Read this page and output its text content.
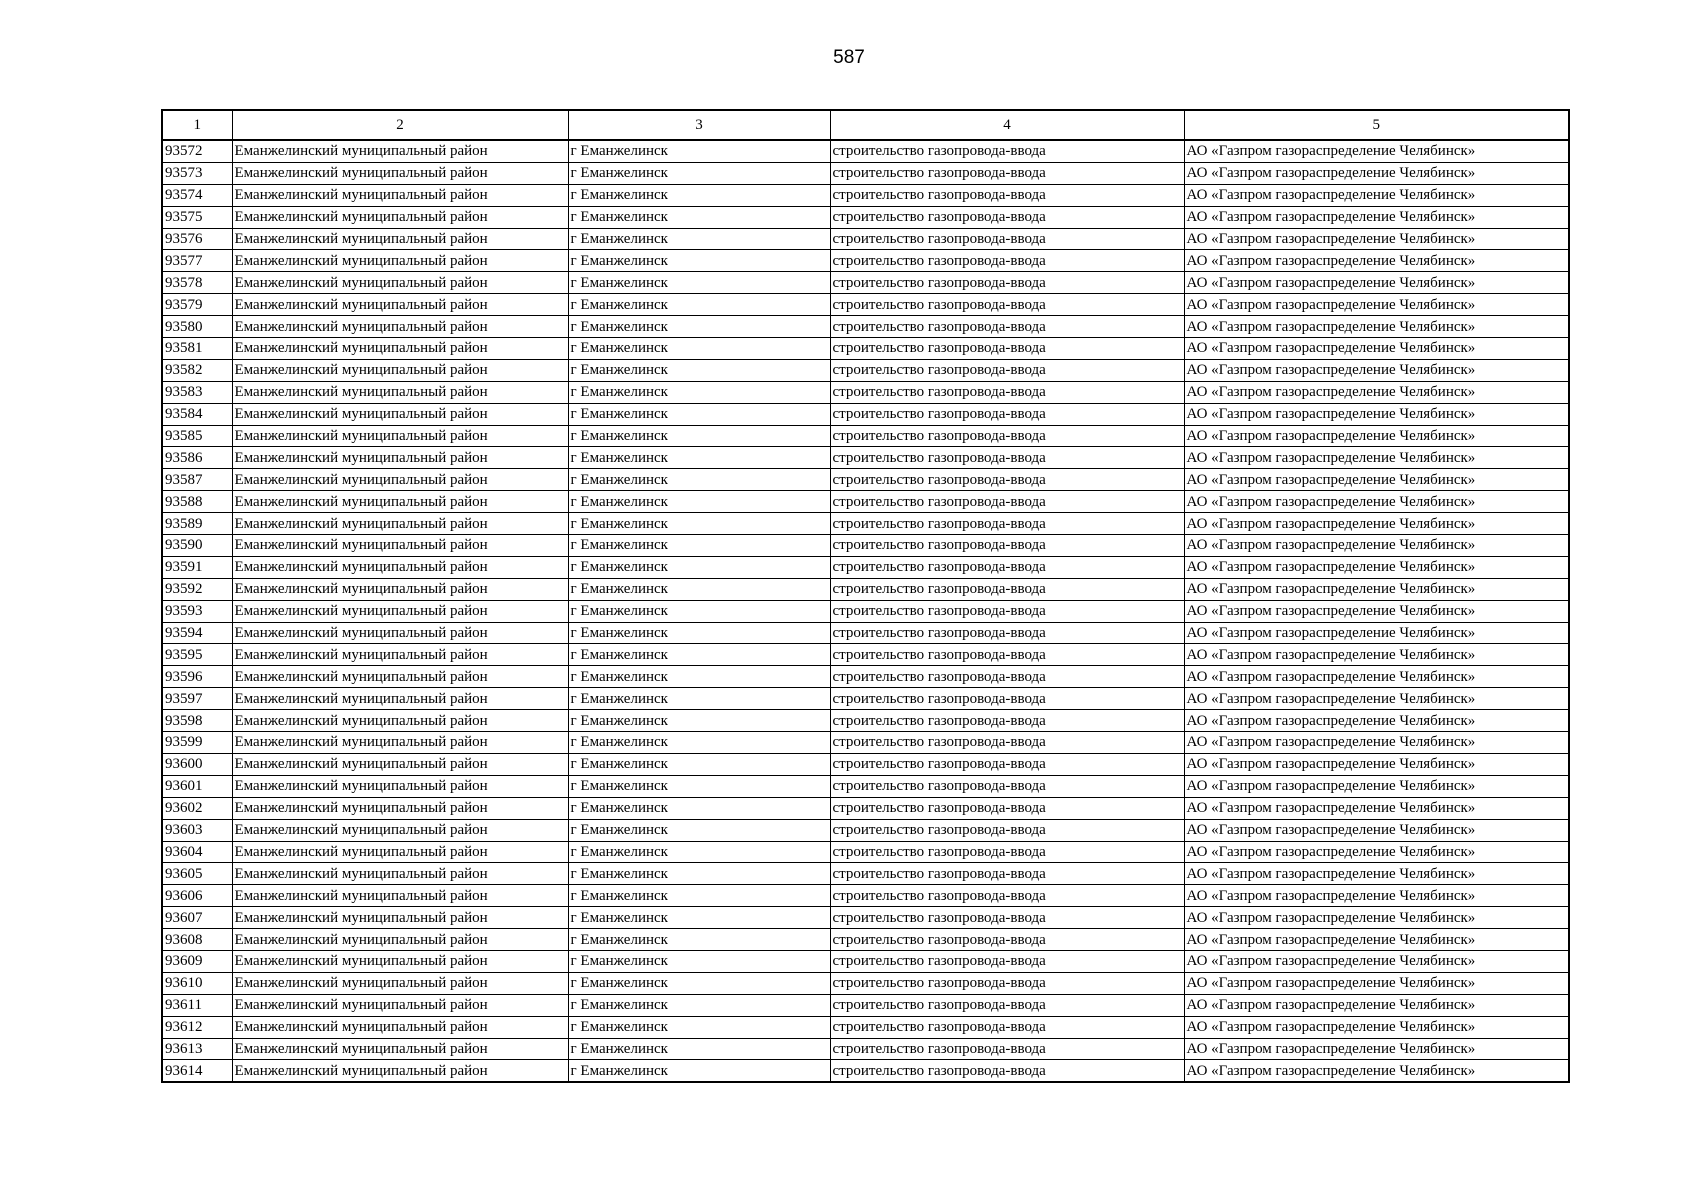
587
1	2	3	4	5
93572	Еманжелинский муниципальный район	г Еманжелинск	строительство газопровода-ввода	АО «Газпром газораспределение Челябинск»
93573	Еманжелинский муниципальный район	г Еманжелинск	строительство газопровода-ввода	АО «Газпром газораспределение Челябинск»
93574	Еманжелинский муниципальный район	г Еманжелинск	строительство газопровода-ввода	АО «Газпром газораспределение Челябинск»
93575	Еманжелинский муниципальный район	г Еманжелинск	строительство газопровода-ввода	АО «Газпром газораспределение Челябинск»
93576	Еманжелинский муниципальный район	г Еманжелинск	строительство газопровода-ввода	АО «Газпром газораспределение Челябинск»
93577	Еманжелинский муниципальный район	г Еманжелинск	строительство газопровода-ввода	АО «Газпром газораспределение Челябинск»
93578	Еманжелинский муниципальный район	г Еманжелинск	строительство газопровода-ввода	АО «Газпром газораспределение Челябинск»
93579	Еманжелинский муниципальный район	г Еманжелинск	строительство газопровода-ввода	АО «Газпром газораспределение Челябинск»
93580	Еманжелинский муниципальный район	г Еманжелинск	строительство газопровода-ввода	АО «Газпром газораспределение Челябинск»
93581	Еманжелинский муниципальный район	г Еманжелинск	строительство газопровода-ввода	АО «Газпром газораспределение Челябинск»
93582	Еманжелинский муниципальный район	г Еманжелинск	строительство газопровода-ввода	АО «Газпром газораспределение Челябинск»
93583	Еманжелинский муниципальный район	г Еманжелинск	строительство газопровода-ввода	АО «Газпром газораспределение Челябинск»
93584	Еманжелинский муниципальный район	г Еманжелинск	строительство газопровода-ввода	АО «Газпром газораспределение Челябинск»
93585	Еманжелинский муниципальный район	г Еманжелинск	строительство газопровода-ввода	АО «Газпром газораспределение Челябинск»
93586	Еманжелинский муниципальный район	г Еманжелинск	строительство газопровода-ввода	АО «Газпром газораспределение Челябинск»
93587	Еманжелинский муниципальный район	г Еманжелинск	строительство газопровода-ввода	АО «Газпром газораспределение Челябинск»
93588	Еманжелинский муниципальный район	г Еманжелинск	строительство газопровода-ввода	АО «Газпром газораспределение Челябинск»
93589	Еманжелинский муниципальный район	г Еманжелинск	строительство газопровода-ввода	АО «Газпром газораспределение Челябинск»
93590	Еманжелинский муниципальный район	г Еманжелинск	строительство газопровода-ввода	АО «Газпром газораспределение Челябинск»
93591	Еманжелинский муниципальный район	г Еманжелинск	строительство газопровода-ввода	АО «Газпром газораспределение Челябинск»
93592	Еманжелинский муниципальный район	г Еманжелинск	строительство газопровода-ввода	АО «Газпром газораспределение Челябинск»
93593	Еманжелинский муниципальный район	г Еманжелинск	строительство газопровода-ввода	АО «Газпром газораспределение Челябинск»
93594	Еманжелинский муниципальный район	г Еманжелинск	строительство газопровода-ввода	АО «Газпром газораспределение Челябинск»
93595	Еманжелинский муниципальный район	г Еманжелинск	строительство газопровода-ввода	АО «Газпром газораспределение Челябинск»
93596	Еманжелинский муниципальный район	г Еманжелинск	строительство газопровода-ввода	АО «Газпром газораспределение Челябинск»
93597	Еманжелинский муниципальный район	г Еманжелинск	строительство газопровода-ввода	АО «Газпром газораспределение Челябинск»
93598	Еманжелинский муниципальный район	г Еманжелинск	строительство газопровода-ввода	АО «Газпром газораспределение Челябинск»
93599	Еманжелинский муниципальный район	г Еманжелинск	строительство газопровода-ввода	АО «Газпром газораспределение Челябинск»
93600	Еманжелинский муниципальный район	г Еманжелинск	строительство газопровода-ввода	АО «Газпром газораспределение Челябинск»
93601	Еманжелинский муниципальный район	г Еманжелинск	строительство газопровода-ввода	АО «Газпром газораспределение Челябинск»
93602	Еманжелинский муниципальный район	г Еманжелинск	строительство газопровода-ввода	АО «Газпром газораспределение Челябинск»
93603	Еманжелинский муниципальный район	г Еманжелинск	строительство газопровода-ввода	АО «Газпром газораспределение Челябинск»
93604	Еманжелинский муниципальный район	г Еманжелинск	строительство газопровода-ввода	АО «Газпром газораспределение Челябинск»
93605	Еманжелинский муниципальный район	г Еманжелинск	строительство газопровода-ввода	АО «Газпром газораспределение Челябинск»
93606	Еманжелинский муниципальный район	г Еманжелинск	строительство газопровода-ввода	АО «Газпром газораспределение Челябинск»
93607	Еманжелинский муниципальный район	г Еманжелинск	строительство газопровода-ввода	АО «Газпром газораспределение Челябинск»
93608	Еманжелинский муниципальный район	г Еманжелинск	строительство газопровода-ввода	АО «Газпром газораспределение Челябинск»
93609	Еманжелинский муниципальный район	г Еманжелинск	строительство газопровода-ввода	АО «Газпром газораспределение Челябинск»
93610	Еманжелинский муниципальный район	г Еманжелинск	строительство газопровода-ввода	АО «Газпром газораспределение Челябинск»
93611	Еманжелинский муниципальный район	г Еманжелинск	строительство газопровода-ввода	АО «Газпром газораспределение Челябинск»
93612	Еманжелинский муниципальный район	г Еманжелинск	строительство газопровода-ввода	АО «Газпром газораспределение Челябинск»
93613	Еманжелинский муниципальный район	г Еманжелинск	строительство газопровода-ввода	АО «Газпром газораспределение Челябинск»
93614	Еманжелинский муниципальный район	г Еманжелинск	строительство газопровода-ввода	АО «Газпром газораспределение Челябинск»
